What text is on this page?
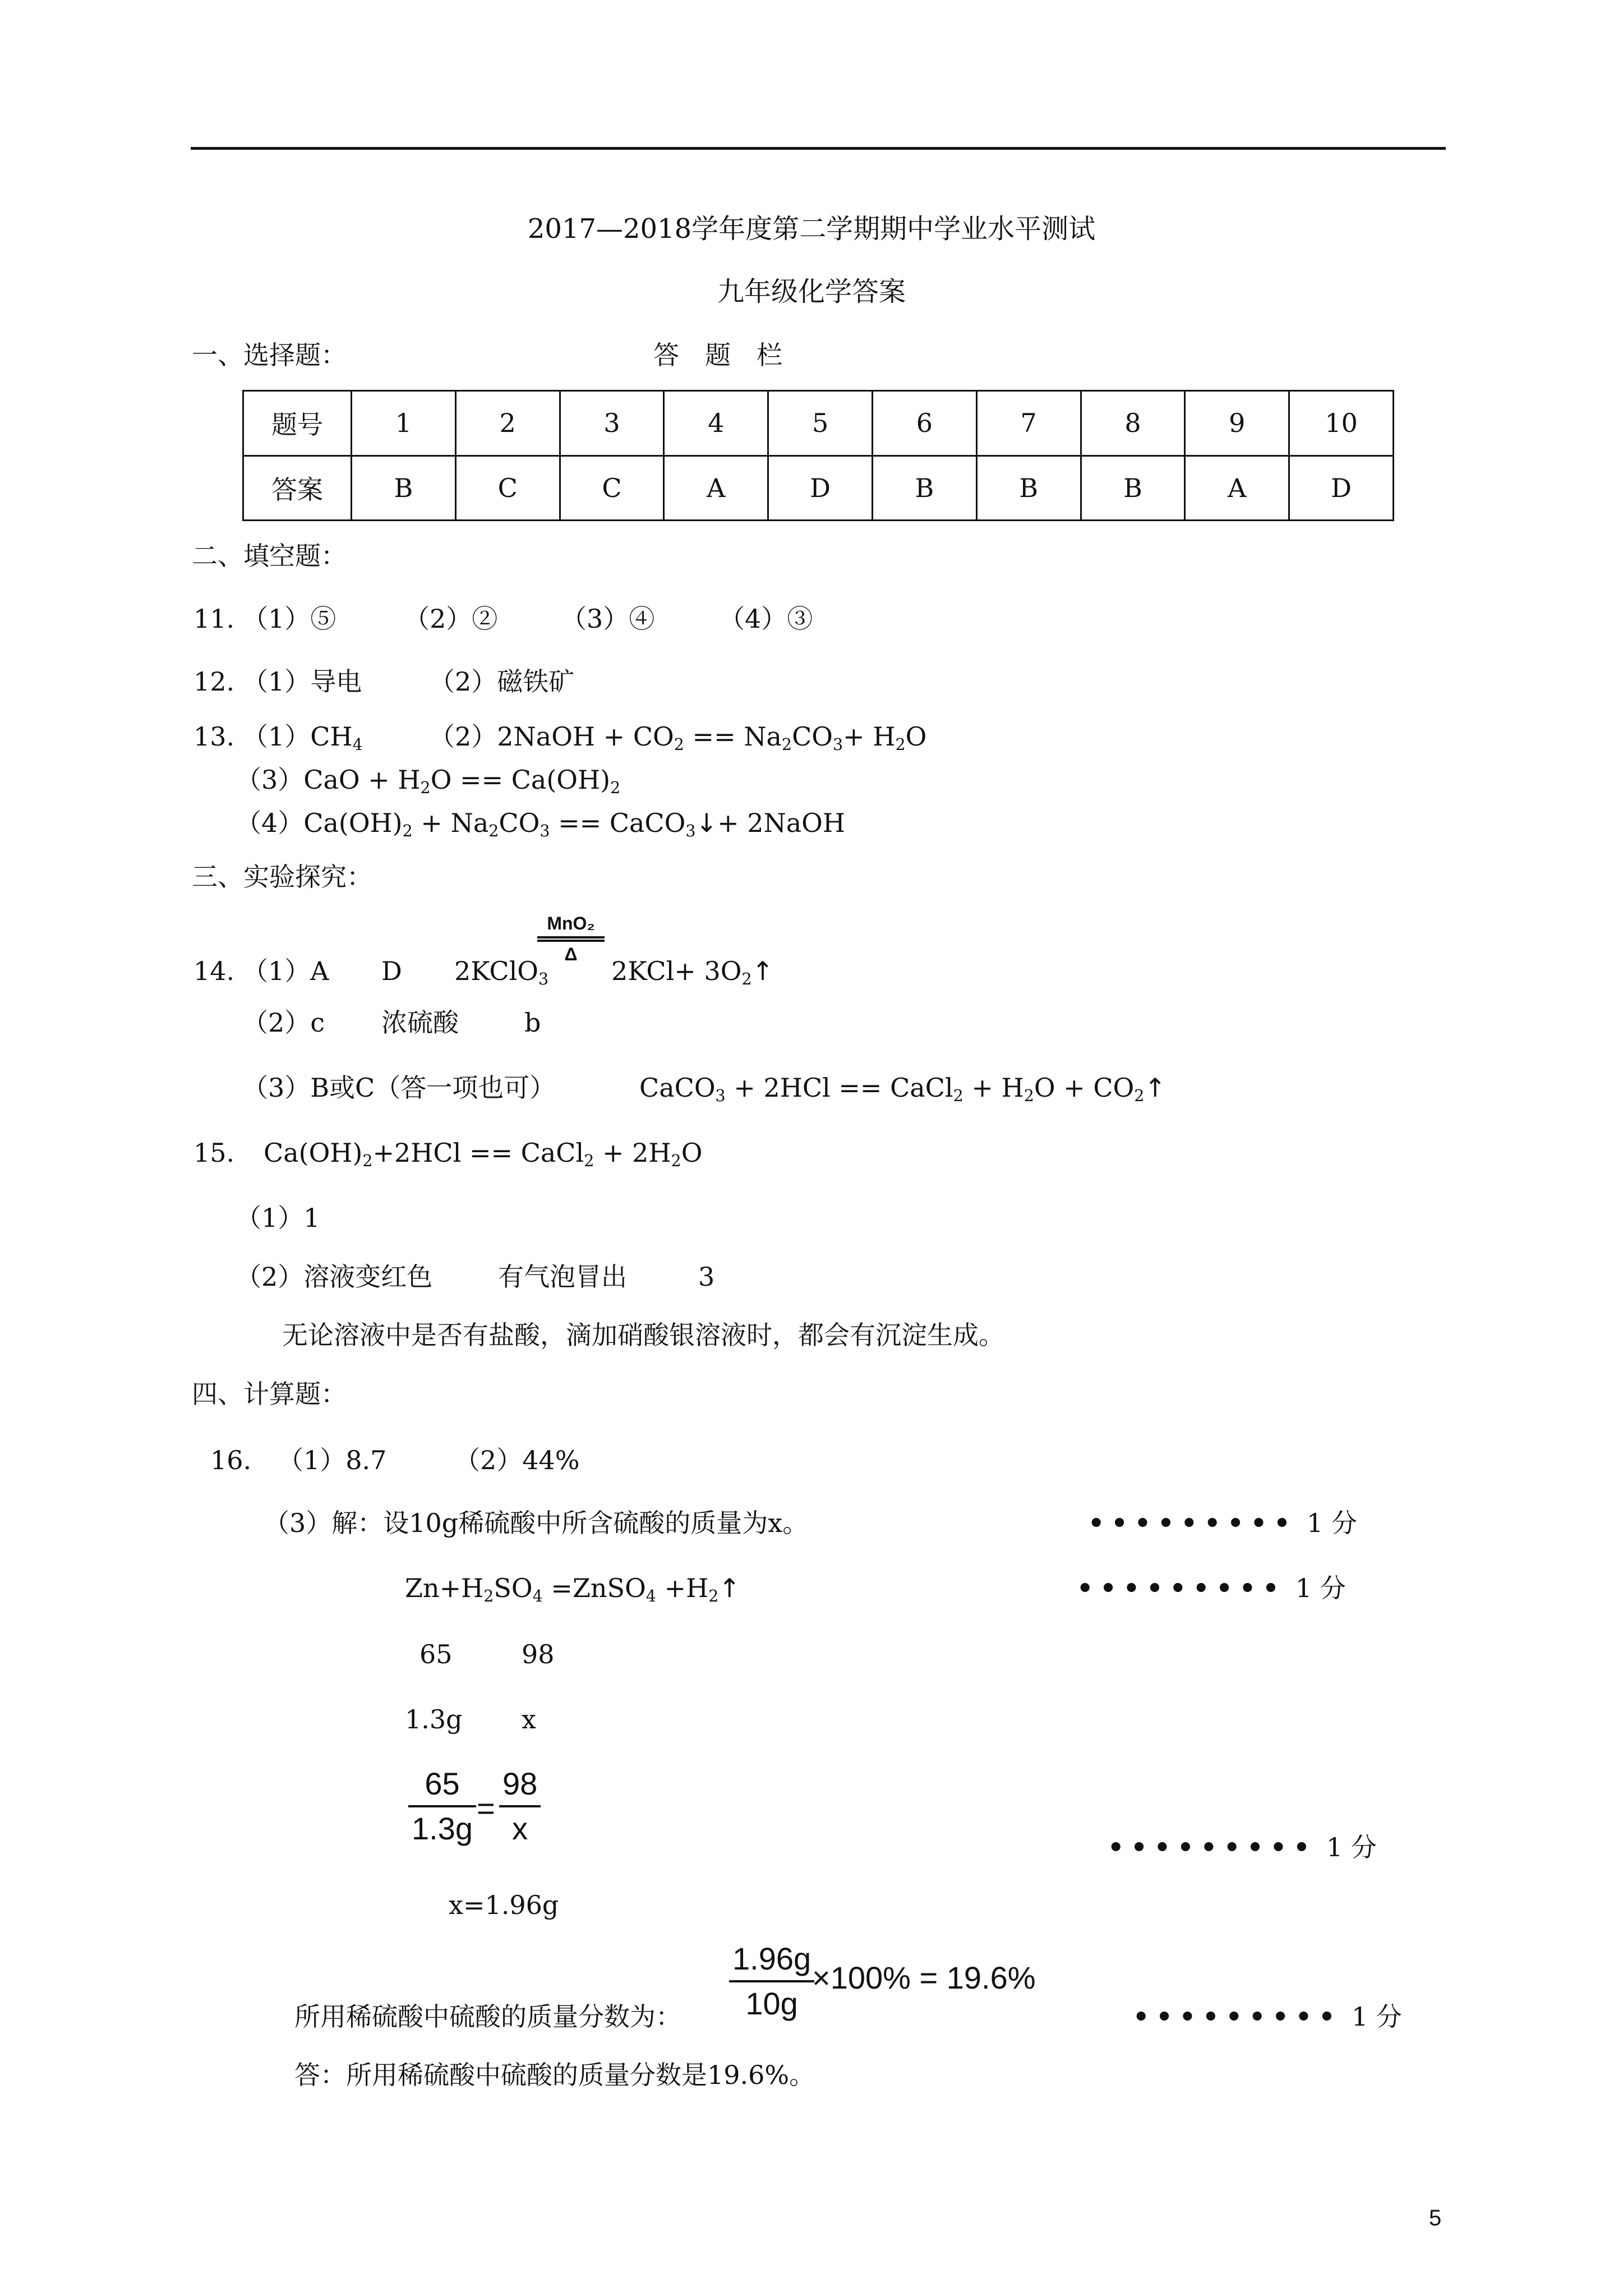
2017—2018学年度第二学期期中学业水平测试
九年级化学答案
一、选择题：	答　题　栏
题号	1	2	3	4	5	6	7	8	9	10
答案	B	C	C	A	D	B	B	B	A	D
二、填空题：
11. （1）⑤	（2）② （3）④ （4）③
12. （1）导电	（2）磁铁矿
13. $(1)CH_4$	（2）2NaOH + $CO_2 == Na_2CO_3+ H_2O$
$(3)CaO + H_2O == Ca(OH)_2$
$(4)Ca(OH)_2 + Na_2CO_3$ == CaCO$_3$↓+ 2NaOH
三、实验探究：
14. （1）A D 2KClO$_3$
MnO₂
Δ
$2KCl+ 3O_2↑$
（2）c 浓硫酸	b
（3）B或C（答一项也可）	CaCO$_3$ + 2HCl == CaCl$_2$ + $H_2O$ + $CO_2↑$
15. $Ca(OH)_2+2HCl$ == CaCl$_2$ + $2H_2O$
（1）1
（2）溶液变红色	有气泡冒出	3
无论溶液中是否有盐酸，滴加硝酸银溶液时，都会有沉淀生成。
四、计算题：
16. （1）8.7	（2）44%
（3）解：设10g稀硫酸中所含硫酸的质量为x。	••••••••• 1 分
$Zn+H_2SO_4$ =ZnSO$_4$ $+H_2↑$	••••••••• 1 分
65	98
1.3g x
$\frac{65}{1.3g} = \frac{98}{x}$
••••••••• 1 分
x=1.96g
所用稀硫酸中硫酸的质量分数为： $\frac{1.96g}{10g}$
×100% = 19.6%
••••••••• 1 分
答：所用稀硫酸中硫酸的质量分数是19.6%。
5
